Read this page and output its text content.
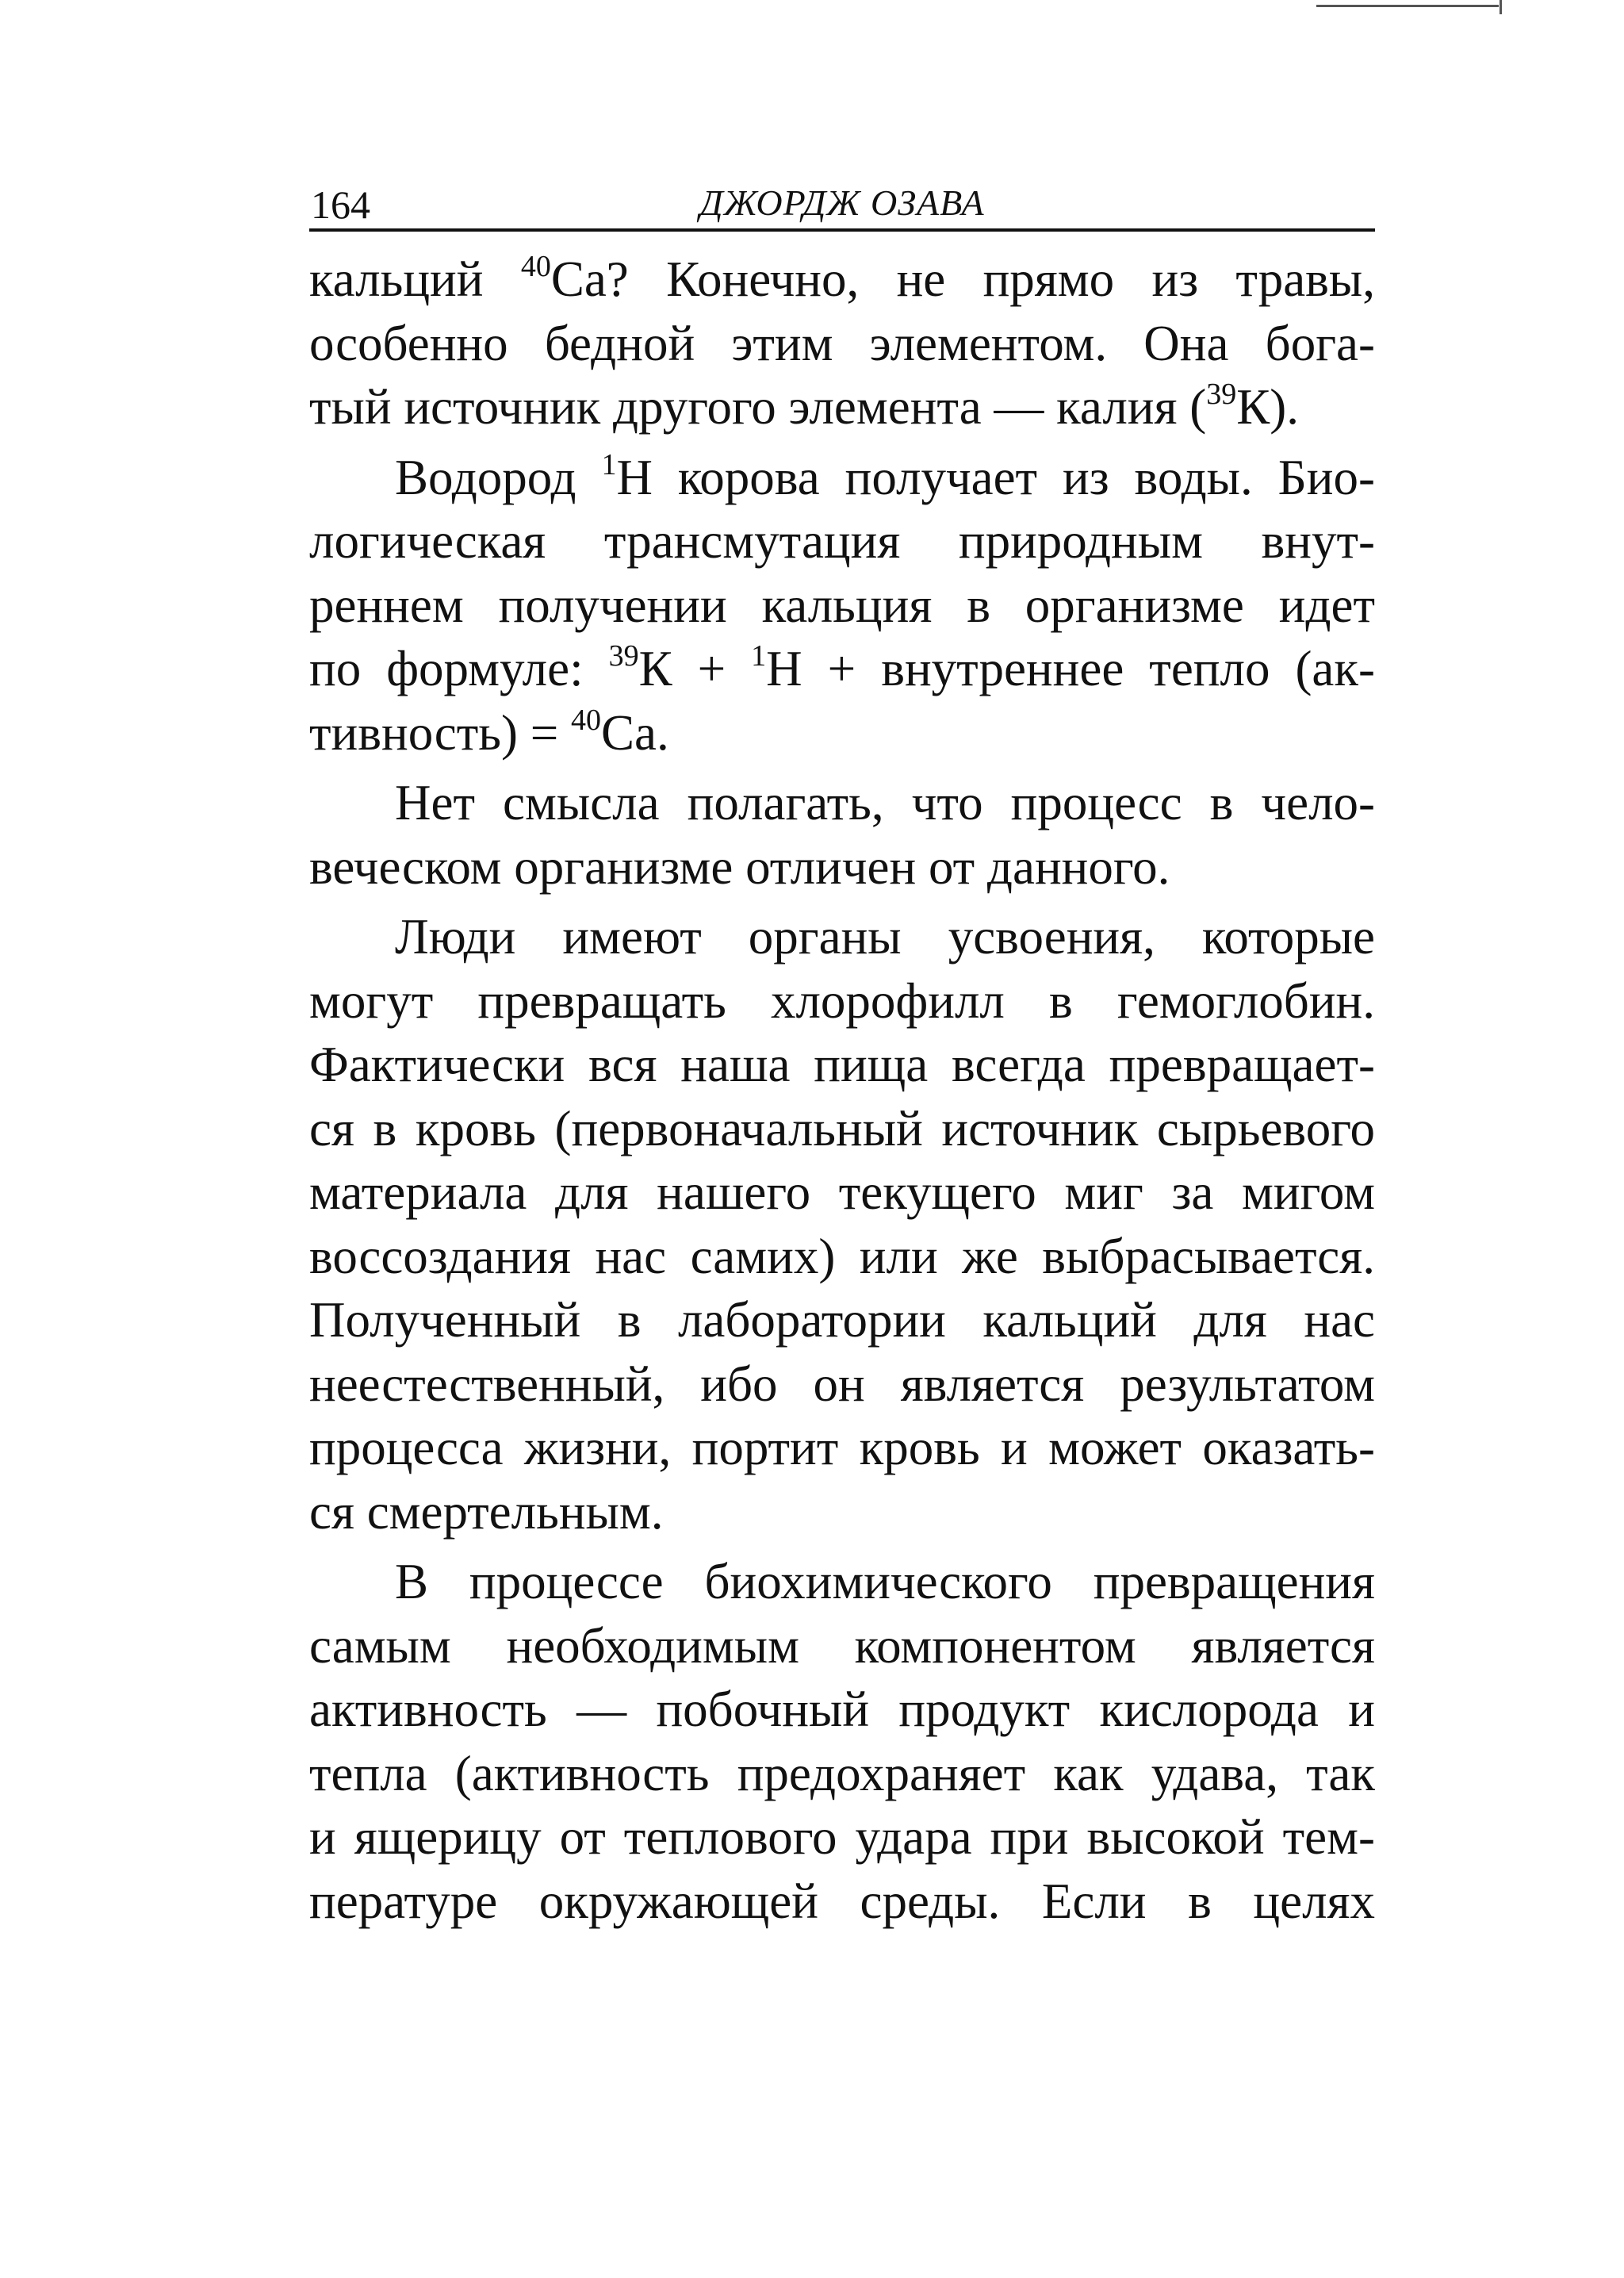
164	ДЖОРДЖ ОЗАВА
кальций $^{40}$Ca? Конечно, не прямо из травы,
особенно бедной этим элементом. Она бога-
тый источник другого элемента — калия ($^{39}$К).
Водород $^1$Н корова получает из воды. Био-
логическая трансмутация природным внут-
реннем получении кальция в организме идет
по формуле: $^{39}$К + $^1$Н + внутреннее тепло (ак-
тивность) = $^{40}$Ca.
Нет смысла полагать, что процесс в чело-
веческом организме отличен от данного.
Люди имеют органы усвоения, которые
могут превращать хлорофилл в гемоглобин.
Фактически вся наша пища всегда превращает-
ся в кровь (первоначальный источник сырьевого
материала для нашего текущего миг за мигом
воссоздания нас самих) или же выбрасывается.
Полученный в лаборатории кальций для нас
неестественный, ибо он является результатом
процесса жизни, портит кровь и может оказать-
ся смертельным.
В процессе биохимического превращения
самым необходимым компонентом является
активность — побочный продукт кислорода и
тепла (активность предохраняет как удава, так
и ящерицу от теплового удара при высокой тем-
пературе окружающей среды. Если в целях
